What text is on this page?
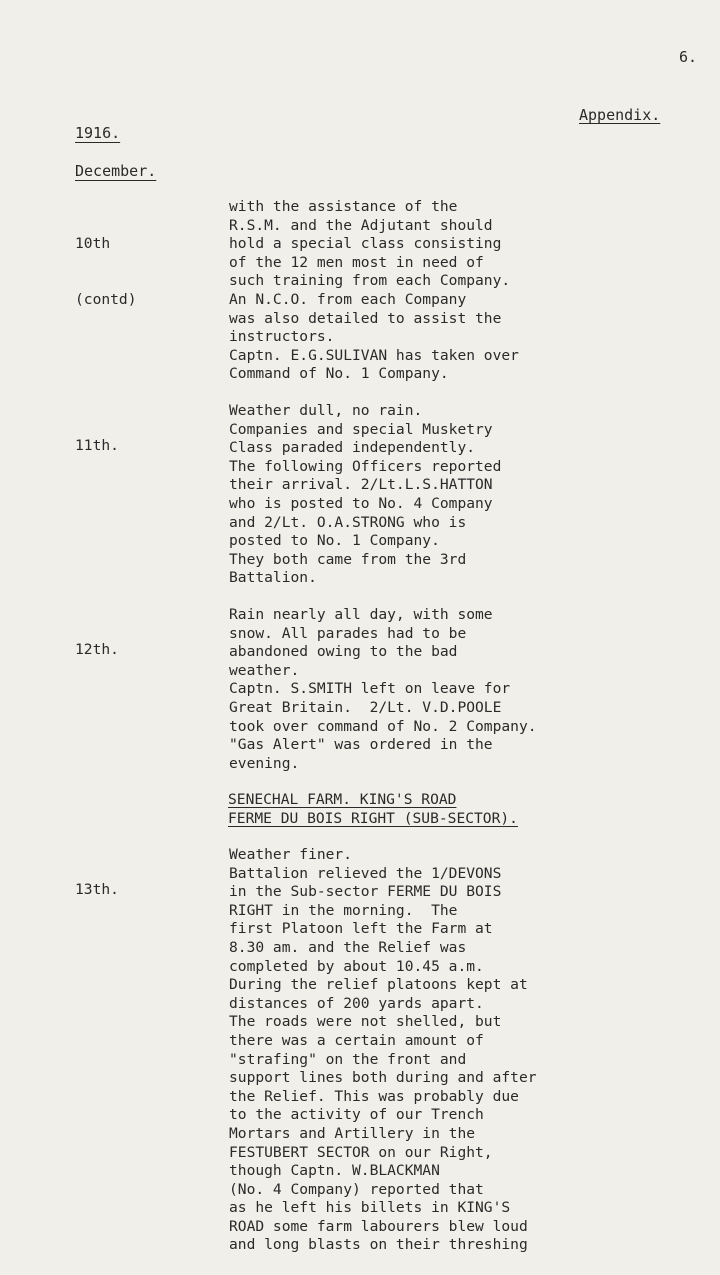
6.
Appendix.
1916.
December.

10th

(contd)

with the assistance of the
R.S.M. and the Adjutant should
hold a special class consisting
of the 12 men most in need of
such training from each Company.
An N.C.O. from each Company
was also detailed to assist the
instructors.
Captn. E.G.SULIVAN has taken over
Command of No. 1 Company.

11th.

Weather dull, no rain.
Companies and special Musketry
Class paraded independently.
The following Officers reported
their arrival. 2/Lt.L.S.HATTON
who is posted to No. 4 Company
and 2/Lt. O.A.STRONG who is
posted to No. 1 Company.
They both came from the 3rd
Battalion.

12th.

Rain nearly all day, with some
snow. All parades had to be
abandoned owing to the bad
weather.
Captn. S.SMITH left on leave for
Great Britain.  2/Lt. V.D.POOLE
took over command of No. 2 Company.
"Gas Alert" was ordered in the
evening.
SENECHAL FARM. KING'S ROAD
FERME DU BOIS RIGHT (SUB-SECTOR).

13th.

Weather finer.
Battalion relieved the 1/DEVONS
in the Sub-sector FERME DU BOIS
RIGHT in the morning.  The
first Platoon left the Farm at
8.30 am. and the Relief was
completed by about 10.45 a.m.
During the relief platoons kept at
distances of 200 yards apart.
The roads were not shelled, but
there was a certain amount of
"strafing" on the front and
support lines both during and after
the Relief. This was probably due
to the activity of our Trench
Mortars and Artillery in the
FESTUBERT SECTOR on our Right,
though Captn. W.BLACKMAN
(No. 4 Company) reported that
as he left his billets in KING'S
ROAD some farm labourers blew loud
and long blasts on their threshing
